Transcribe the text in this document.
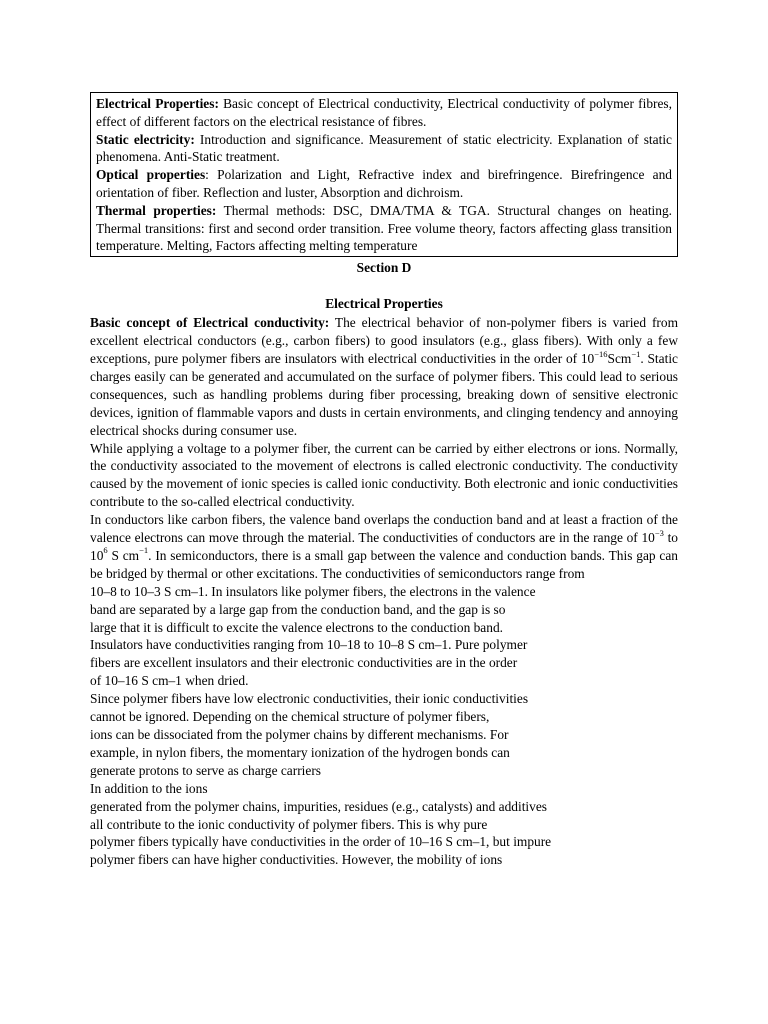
Electrical Properties: Basic concept of Electrical conductivity, Electrical conductivity of polymer fibres, effect of different factors on the electrical resistance of fibres.

Static electricity: Introduction and significance. Measurement of static electricity. Explanation of static phenomena. Anti-Static treatment.

Optical properties: Polarization and Light, Refractive index and birefringence. Birefringence and orientation of fiber. Reflection and luster, Absorption and dichroism.

Thermal properties: Thermal methods: DSC, DMA/TMA & TGA. Structural changes on heating. Thermal transitions: first and second order transition. Free volume theory, factors affecting glass transition temperature. Melting, Factors affecting melting temperature

Section D

Electrical Properties

Basic concept of Electrical conductivity: The electrical behavior of non-polymer fibers is varied from excellent electrical conductors (e.g., carbon fibers) to good insulators (e.g., glass fibers). With only a few exceptions, pure polymer fibers are insulators with electrical conductivities in the order of $10^{-16}Scm^{-1}$. Static charges easily can be generated and accumulated on the surface of polymer fibers. This could lead to serious consequences, such as handling problems during fiber processing, breaking down of sensitive electronic devices, ignition of flammable vapors and dusts in certain environments, and clinging tendency and annoying electrical shocks during consumer use.

While applying a voltage to a polymer fiber, the current can be carried by either electrons or ions. Normally, the conductivity associated to the movement of electrons is called electronic conductivity. The conductivity caused by the movement of ionic species is called ionic conductivity. Both electronic and ionic conductivities contribute to the so-called electrical conductivity.

In conductors like carbon fibers, the valence band overlaps the conduction band and at least a fraction of the valence electrons can move through the material. The conductivities of conductors are in the range of $10^{-3}$ to $10^6$ S $cm^{-1}$. In semiconductors, there is a small gap between the valence and conduction bands. This gap can be bridged by thermal or other excitations. The conductivities of semiconductors range from

10–8 to 10–3 S cm–1. In insulators like polymer fibers, the electrons in the valence
band are separated by a large gap from the conduction band, and the gap is so
large that it is difficult to excite the valence electrons to the conduction band.
Insulators have conductivities ranging from 10–18 to 10–8 S cm–1. Pure polymer
fibers are excellent insulators and their electronic conductivities are in the order
of 10–16 S cm–1 when dried.
Since polymer fibers have low electronic conductivities, their ionic conductivities
cannot be ignored. Depending on the chemical structure of polymer fibers,
ions can be dissociated from the polymer chains by different mechanisms. For
example, in nylon fibers, the momentary ionization of the hydrogen bonds can
generate protons to serve as charge carriers
In addition to the ions
generated from the polymer chains, impurities, residues (e.g., catalysts) and additives
all contribute to the ionic conductivity of polymer fibers. This is why pure
polymer fibers typically have conductivities in the order of 10–16 S cm–1, but impure
polymer fibers can have higher conductivities. However, the mobility of ions
